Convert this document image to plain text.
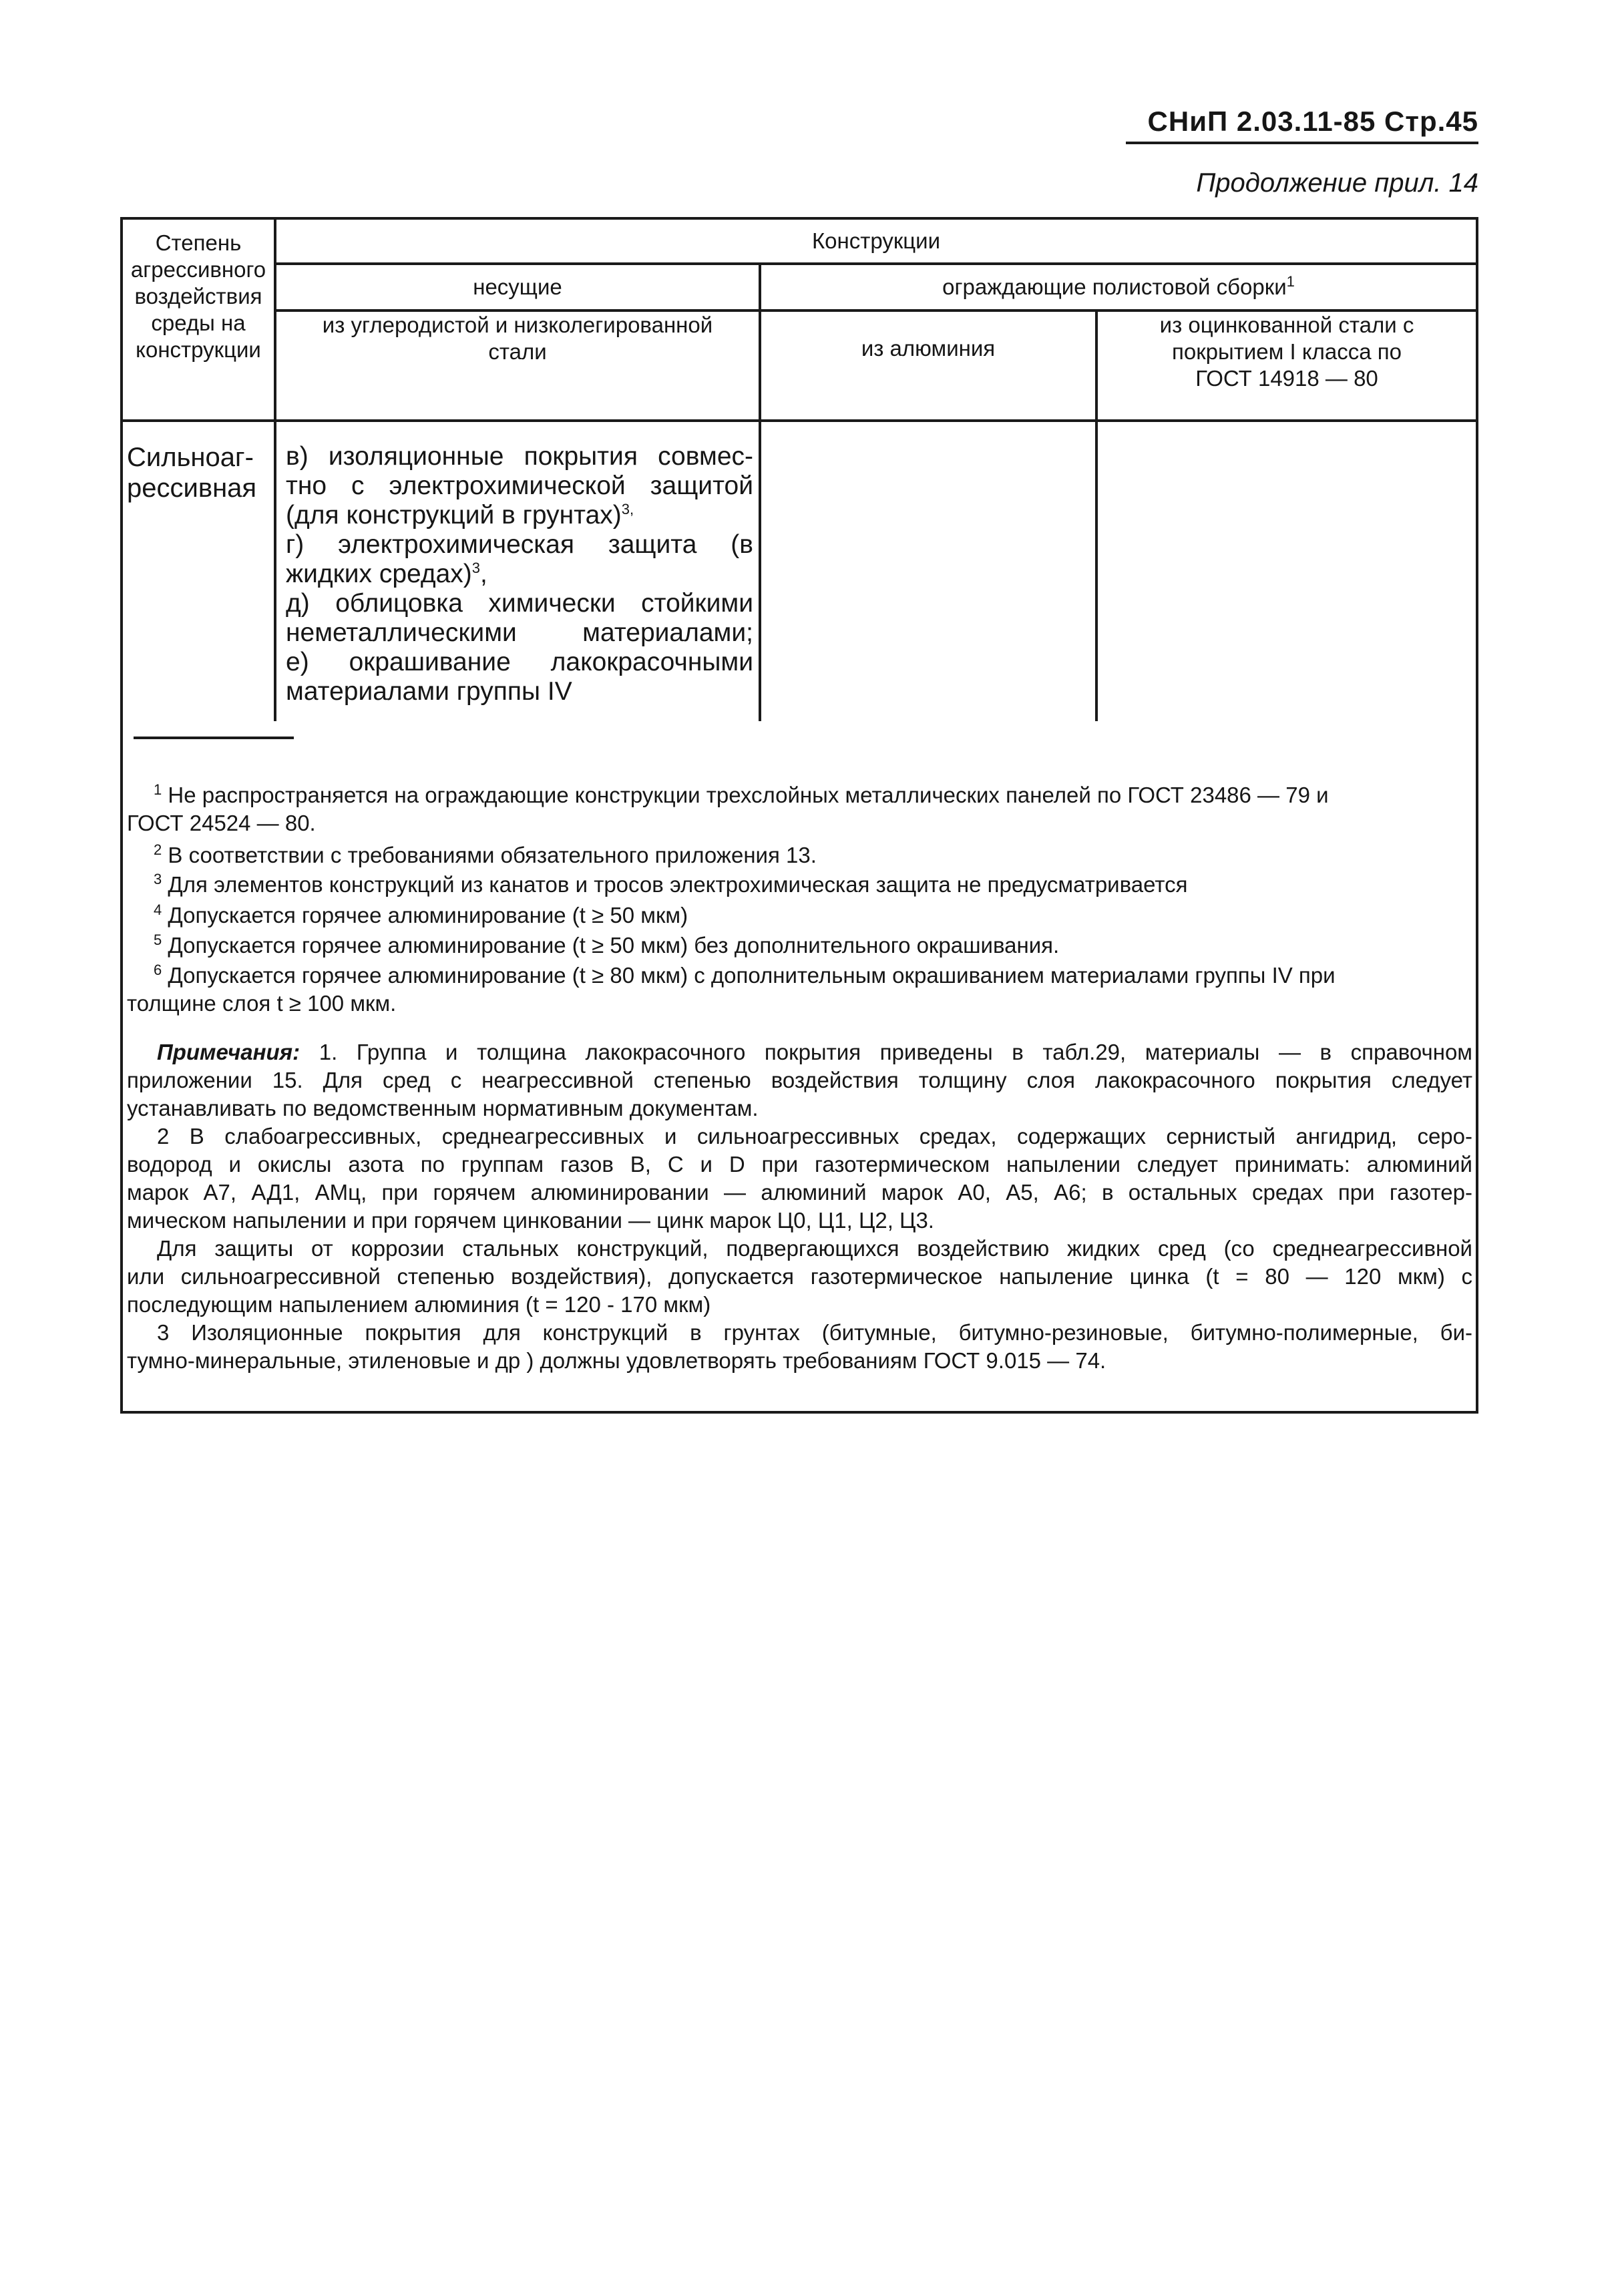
СНиП 2.03.11-85 Стр.45
Продолжение прил. 14
Степень
агрессивного
воздействия
среды на
конструкции
Конструкции
несущие	ограждающие полистовой сборки$^1$
из углеродистой и низколегированной
стали	из алюминия
из оцинкованной стали с
покрытием I класса по
ГОСТ 14918 — 80
Сильноаг-
рессивная
в) изоляционные покрытия совмес-
тно с электрохимической защитой
(для конструкций в грунтах)$^{3,}$
г) электрохимическая защита (в
жидких средах)$^3$,
д) облицовка химически стойкими
неметаллическими материалами;
е) окрашивание лакокрасочными
материалами группы IV
$^1$ Не распространяется на ограждающие конструкции трехслойных металлических панелей по ГОСТ 23486 — 79 и
ГОСТ 24524 — 80.
$^2$ В соответствии с требованиями обязательного приложения 13.
$^3$ Для элементов конструкций из канатов и тросов электрохимическая защита не предусматривается
$^4$ Допускается горячее алюминирование (t ≥ 50 мкм)
$^5$ Допускается горячее алюминирование (t ≥ 50 мкм) без дополнительного окрашивания.
$^6$ Допускается горячее алюминирование (t ≥ 80 мкм) с дополнительным окрашиванием материалами группы IV при
толщине слоя t ≥ 100 мкм.

Примечания: 1. Группа и толщина лакокрасочного покрытия приведены в табл.29, материалы — в справочном
приложении 15. Для сред с неагрессивной степенью воздействия толщину слоя лакокрасочного покрытия следует
устанавливать по ведомственным нормативным документам.

2 В слабоагрессивных, среднеагрессивных и сильноагрессивных средах, содержащих сернистый ангидрид, серо-
водород и окислы азота по группам газов В, С и D при газотермическом напылении следует принимать: алюминий
марок А7, АД1, АМц, при горячем алюминировании — алюминий марок А0, А5, А6; в остальных средах при газотер-
мическом напылении и при горячем цинковании — цинк марок Ц0, Ц1, Ц2, Ц3.

Для защиты от коррозии стальных конструкций, подвергающихся воздействию жидких сред (со среднеагрессивной
или сильноагрессивной степенью воздействия), допускается газотермическое напыление цинка (t = 80 — 120 мкм) с
последующим напылением алюминия (t = 120 - 170 мкм)

3 Изоляционные покрытия для конструкций в грунтах (битумные, битумно-резиновые, битумно-полимерные, би-
тумно-минеральные, этиленовые и др ) должны удовлетворять требованиям ГОСТ 9.015 — 74.
